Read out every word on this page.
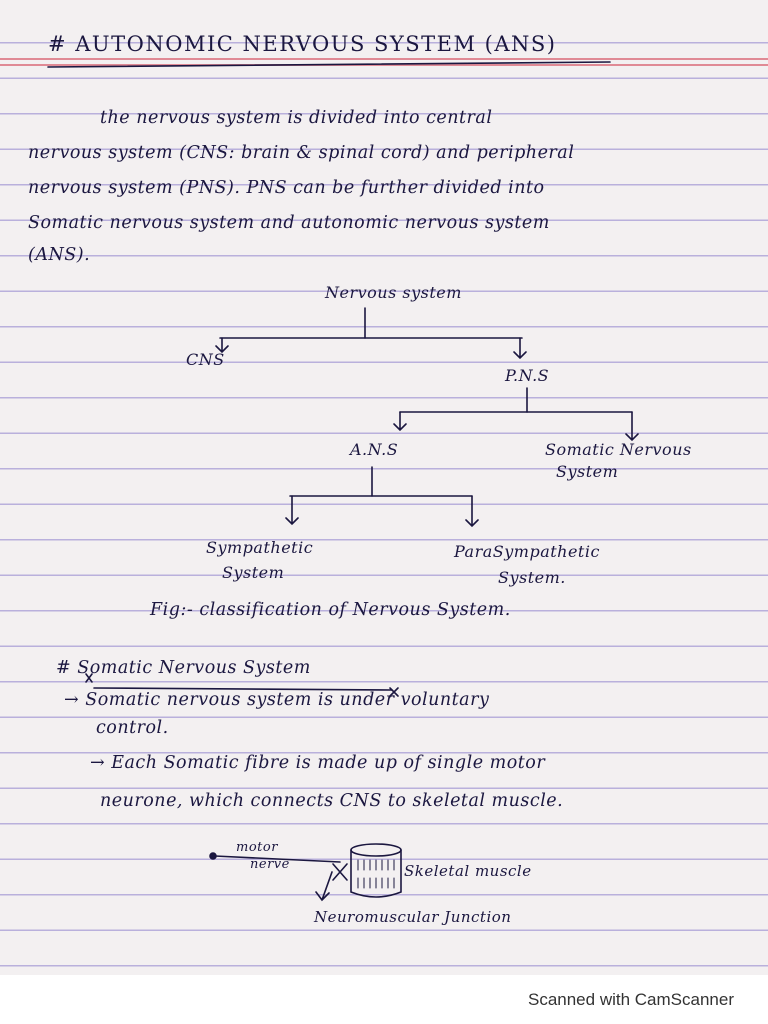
# AUTONOMIC NERVOUS SYSTEM (ANS)
the nervous system is divided into central
nervous system (CNS: brain & spinal cord) and peripheral
nervous system (PNS). PNS can be further divided into
Somatic nervous system and autonomic nervous system
(ANS).
Nervous system
CNS
P.N.S
A.N.S	Somatic Nervous
System
Sympathetic
System
ParaSympathetic
System.
Fig:- classification of Nervous System.
# Somatic Nervous System
→ Somatic nervous system is under voluntary
control.
→ Each Somatic fibre is made up of single motor
neurone, which connects CNS to skeletal muscle.
motor
nerve	Skeletal muscle
Neuromuscular Junction
Scanned with CamScanner
